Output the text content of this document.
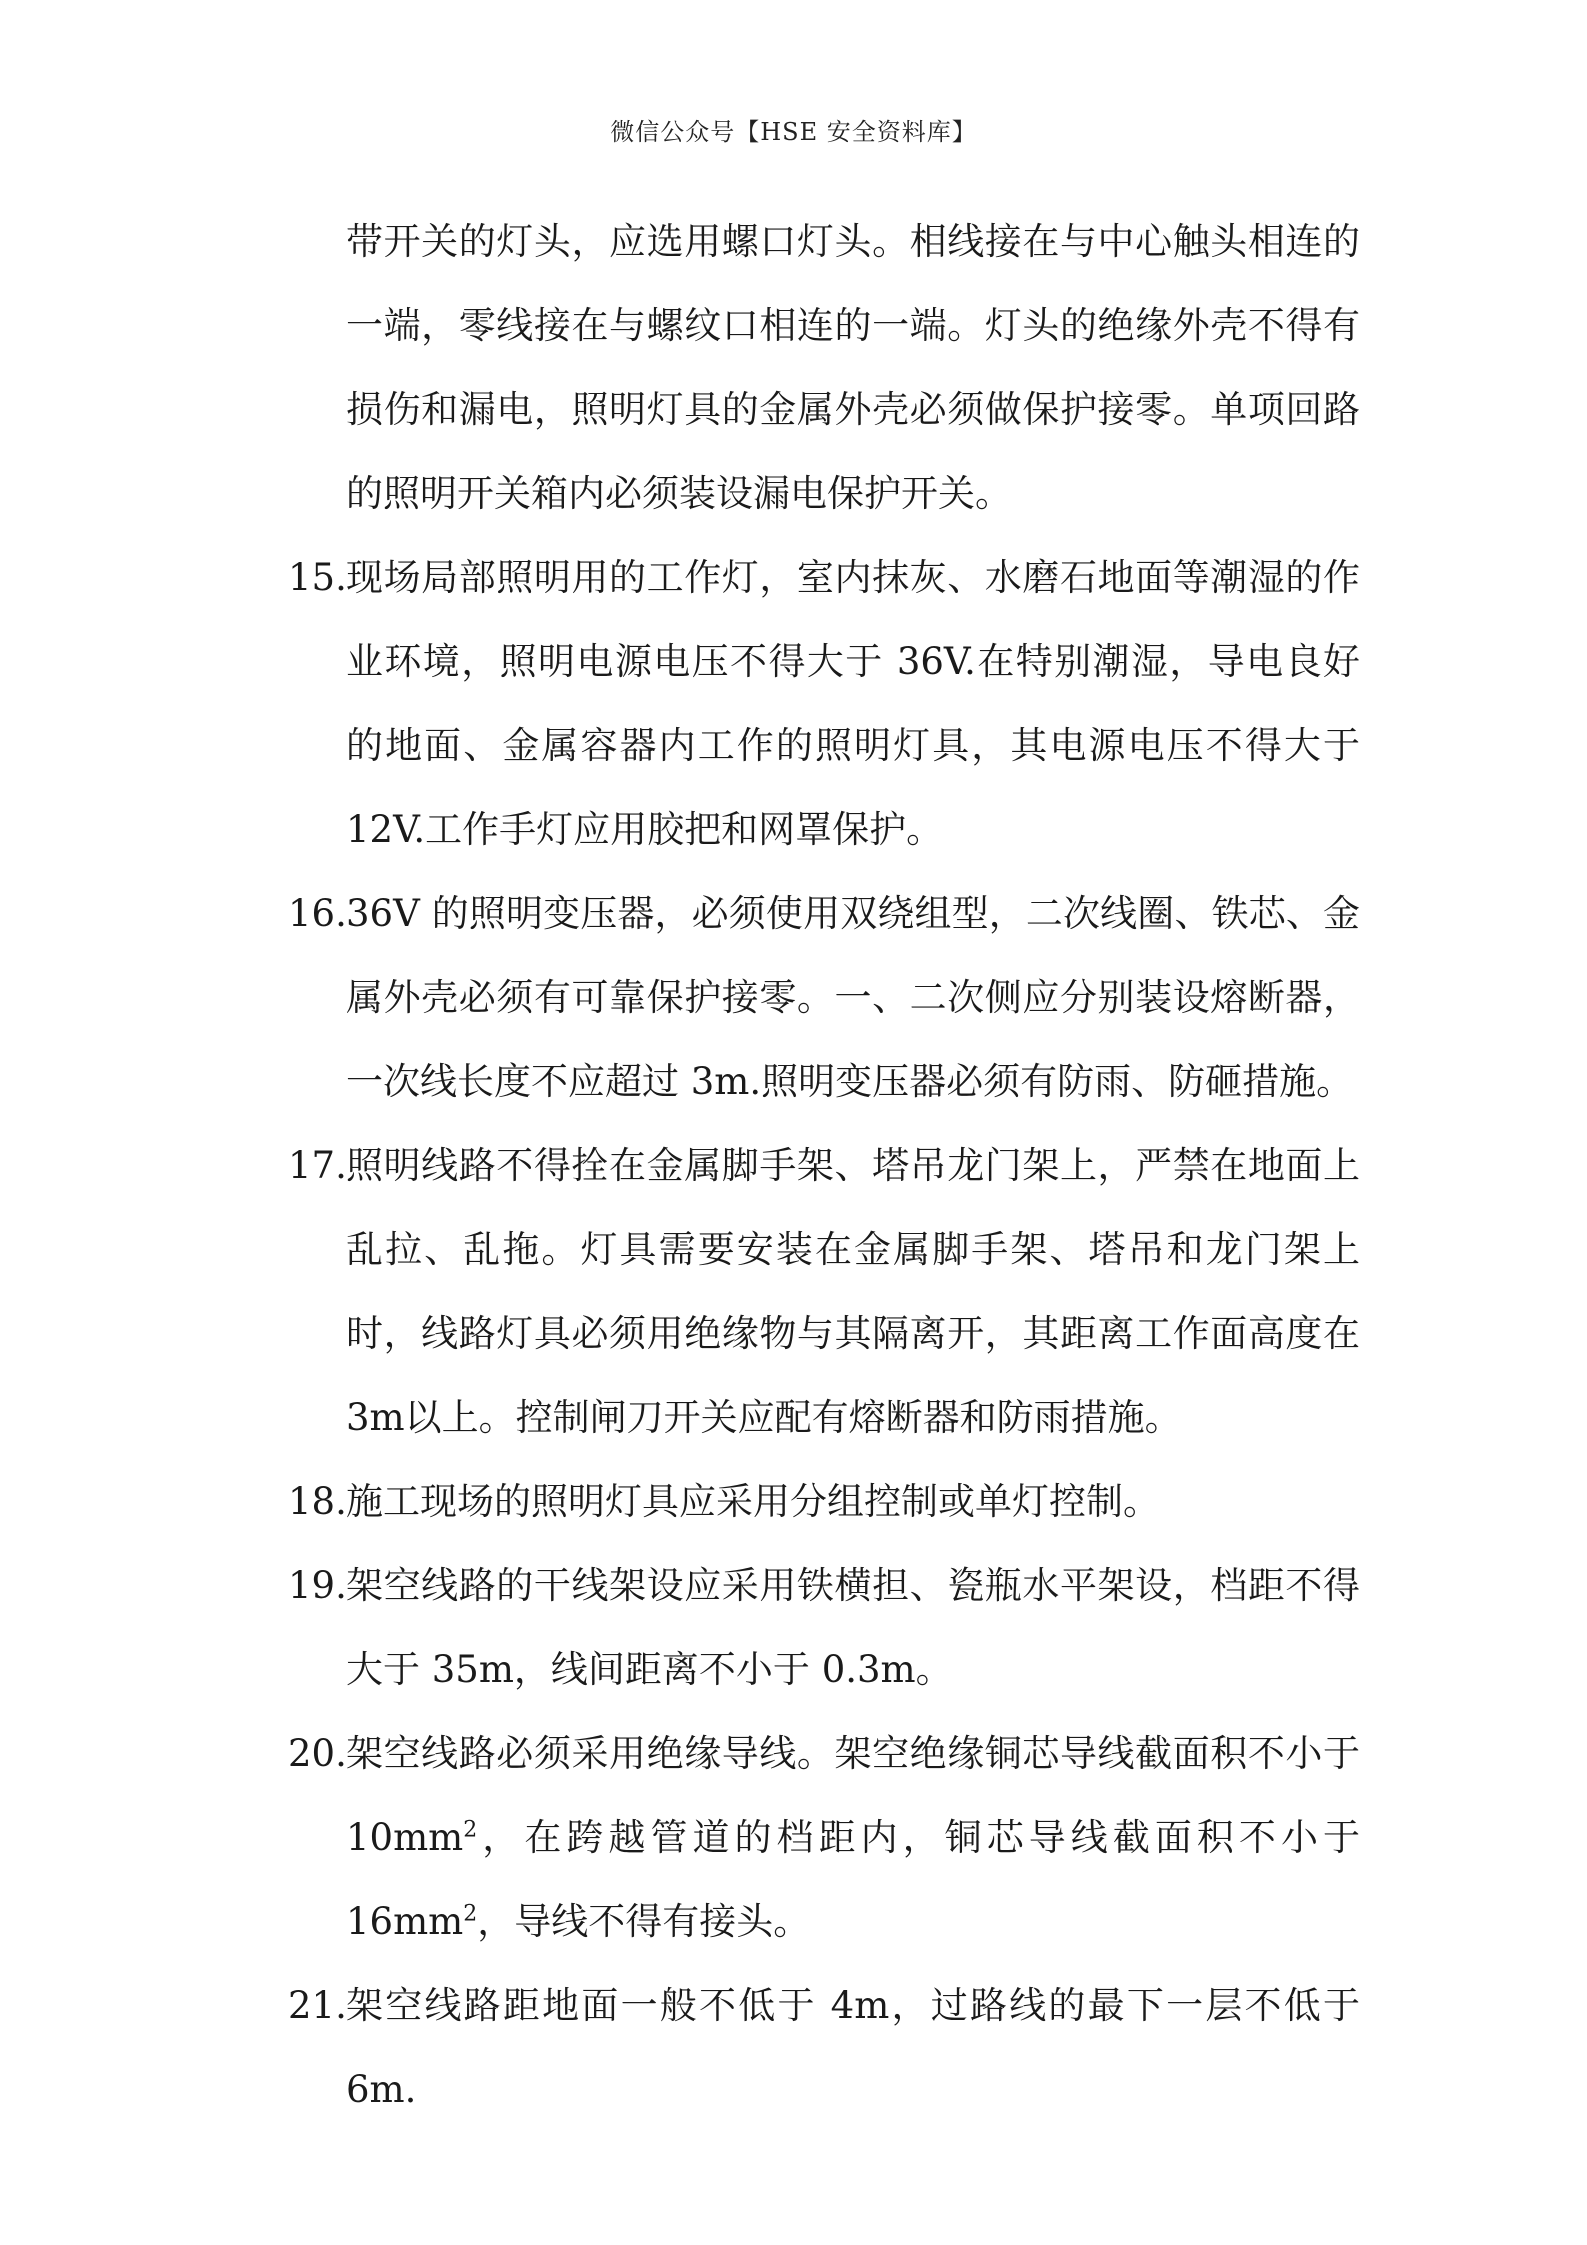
微信公众号【HSE 安全资料库】
带开关的灯头，应选用螺口灯头。相线接在与中心触头相连的一端，零线接在与螺纹口相连的一端。灯头的绝缘外壳不得有损伤和漏电，照明灯具的金属外壳必须做保护接零。单项回路的照明开关箱内必须装设漏电保护开关。
15. 现场局部照明用的工作灯，室内抹灰、水磨石地面等潮湿的作业环境，照明电源电压不得大于 36V.在特别潮湿，导电良好的地面、金属容器内工作的照明灯具，其电源电压不得大于 12V.工作手灯应用胶把和网罩保护。
16. 36V 的照明变压器，必须使用双绕组型，二次线圈、铁芯、金属外壳必须有可靠保护接零。一、二次侧应分别装设熔断器，一次线长度不应超过 3m.照明变压器必须有防雨、防砸措施。
17. 照明线路不得拴在金属脚手架、塔吊龙门架上，严禁在地面上乱拉、乱拖。灯具需要安装在金属脚手架、塔吊和龙门架上时，线路灯具必须用绝缘物与其隔离开，其距离工作面高度在 3m以上。控制闸刀开关应配有熔断器和防雨措施。
18. 施工现场的照明灯具应采用分组控制或单灯控制。
19. 架空线路的干线架设应采用铁横担、瓷瓶水平架设，档距不得大于 35m，线间距离不小于 0.3m。
20. 架空线路必须采用绝缘导线。架空绝缘铜芯导线截面积不小于 $10mm^2$，在跨越管道的档距内，铜芯导线截面积不小于 $16mm^2$，导线不得有接头。
21. 架空线路距地面一般不低于 4m，过路线的最下一层不低于 6m.
